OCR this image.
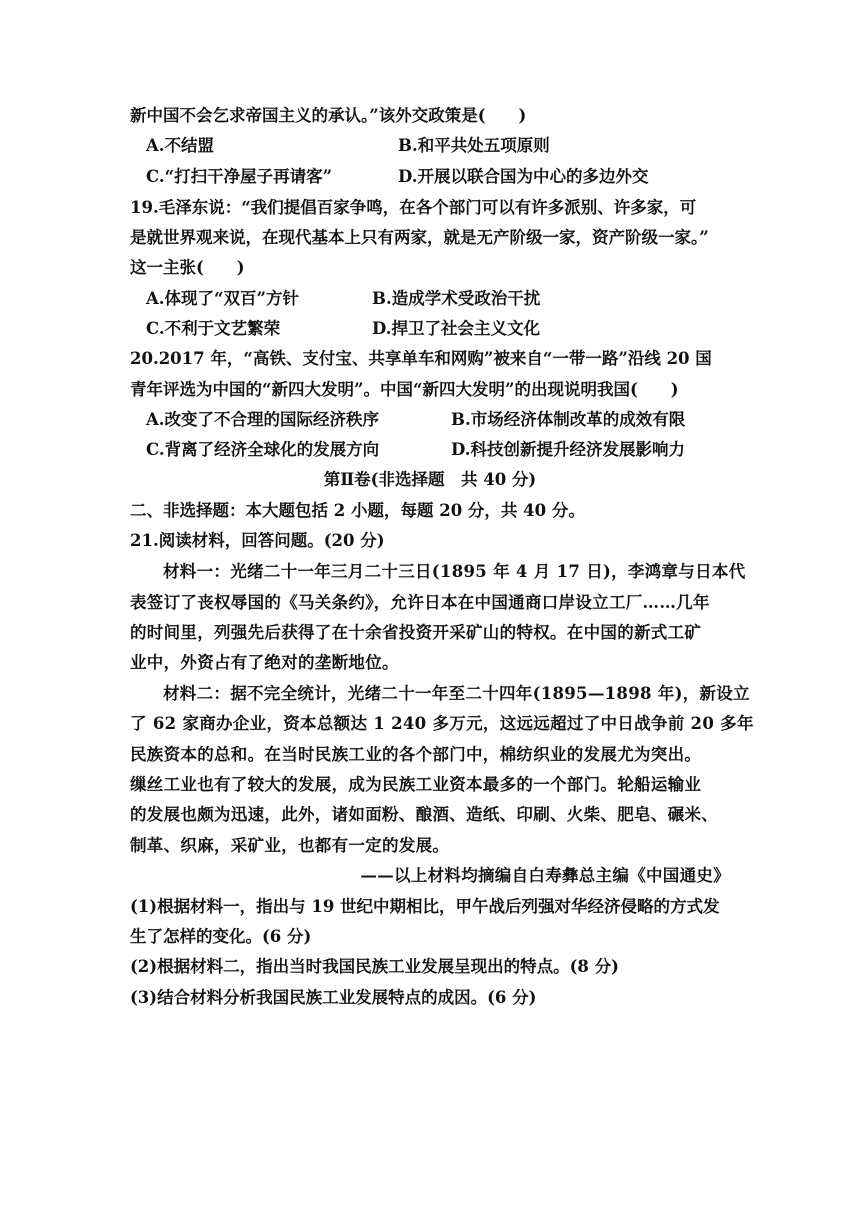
新中国不会乞求帝国主义的承认。”该外交政策是(　　)
A.不结盟	B.和平共处五项原则
C.“打扫干净屋子再请客”	D.开展以联合国为中心的多边外交
19.毛泽东说：“我们提倡百家争鸣，在各个部门可以有许多派别、许多家，可
是就世界观来说，在现代基本上只有两家，就是无产阶级一家，资产阶级一家。”
这一主张(　　)
A.体现了“双百”方针	B.造成学术受政治干扰
C.不利于文艺繁荣	D.捍卫了社会主义文化
20.2017 年，“高铁、支付宝、共享单车和网购”被来自“一带一路”沿线 20 国
青年评选为中国的“新四大发明”。中国“新四大发明”的出现说明我国(　　)
A.改变了不合理的国际经济秩序	B.市场经济体制改革的成效有限
C.背离了经济全球化的发展方向	D.科技创新提升经济发展影响力
第Ⅱ卷(非选择题　共 40 分)
二、非选择题：本大题包括 2 小题，每题 20 分，共 40 分。
21.阅读材料，回答问题。(20 分)
材料一：光绪二十一年三月二十三日(1895 年 4 月 17 日)，李鸿章与日本代
表签订了丧权辱国的《马关条约》，允许日本在中国通商口岸设立工厂……几年
的时间里，列强先后获得了在十余省投资开采矿山的特权。在中国的新式工矿
业中，外资占有了绝对的垄断地位。
材料二：据不完全统计，光绪二十一年至二十四年(1895—1898 年)，新设立
了 62 家商办企业，资本总额达 1 240 多万元，这远远超过了中日战争前 20 多年
民族资本的总和。在当时民族工业的各个部门中，棉纺织业的发展尤为突出。
缫丝工业也有了较大的发展，成为民族工业资本最多的一个部门。轮船运输业
的发展也颇为迅速，此外，诸如面粉、酿酒、造纸、印刷、火柴、肥皂、碾米、
制革、织麻，采矿业，也都有一定的发展。
——以上材料均摘编自白寿彝总主编《中国通史》
(1)根据材料一，指出与 19 世纪中期相比，甲午战后列强对华经济侵略的方式发
生了怎样的变化。(6 分)
(2)根据材料二，指出当时我国民族工业发展呈现出的特点。(8 分)
(3)结合材料分析我国民族工业发展特点的成因。(6 分)
